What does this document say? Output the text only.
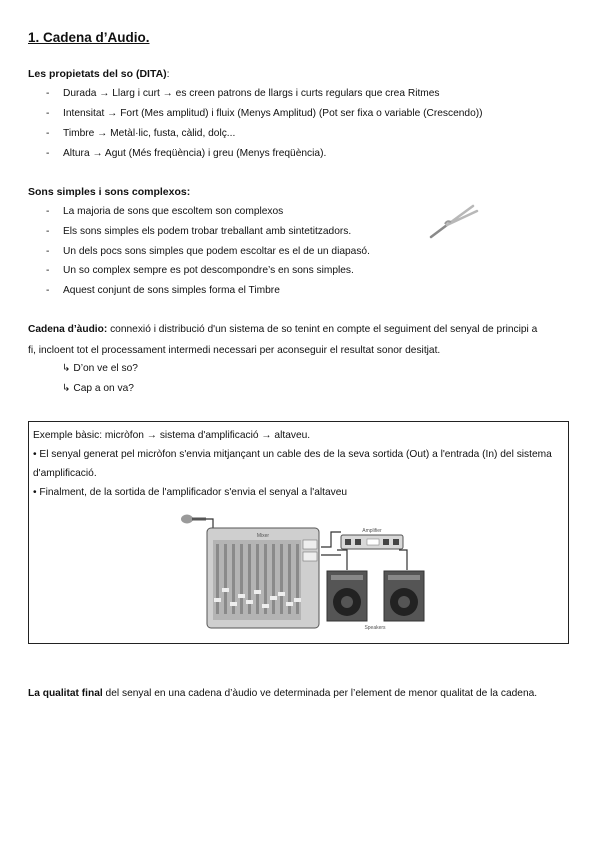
1. Cadena d’Audio.
Les propietats del so (DITA):
- Durada → Llarg i curt → es creen patrons de llargs i curts regulars que crea Ritmes
- Intensitat → Fort (Mes amplitud) i fluix (Menys Amplitud) (Pot ser fixa o variable (Crescendo))
- Timbre → Metàl·lic, fusta, càlid, dolç...
- Altura → Agut (Més freqüència) i greu (Menys freqüència).
Sons simples i sons complexos:
- La majoria de sons que escoltem son complexos
- Els sons simples els podem trobar treballant amb sintetitzadors.
- Un dels pocs sons simples que podem escoltar es el de un diapasó.
- Un so complex sempre es pot descompondre’s en sons simples.
- Aquest conjunt de sons simples forma el Timbre
Cadena d’àudio: connexió i distribució d'un sistema de so tenint en compte el seguiment del senyal de principi a fi, incloent tot el processament intermedi necessari per aconseguir el resultat sonor desitjat.
↳ D’on ve el so?
↳ Cap a on va?
Exemple bàsic: micròfon → sistema d'amplificació → altaveu.
• El senyal generat pel micròfon s'envia mitjançant un cable des de la seva sortida (Out) a l'entrada (In) del sistema d'amplificació.
• Finalment, de la sortida de l'amplificador s'envia el senyal a l'altaveu
Mixer
Amplifier
Speakers
La qualitat final del senyal en una cadena d’àudio ve determinada per l’element de menor qualitat de la cadena.
